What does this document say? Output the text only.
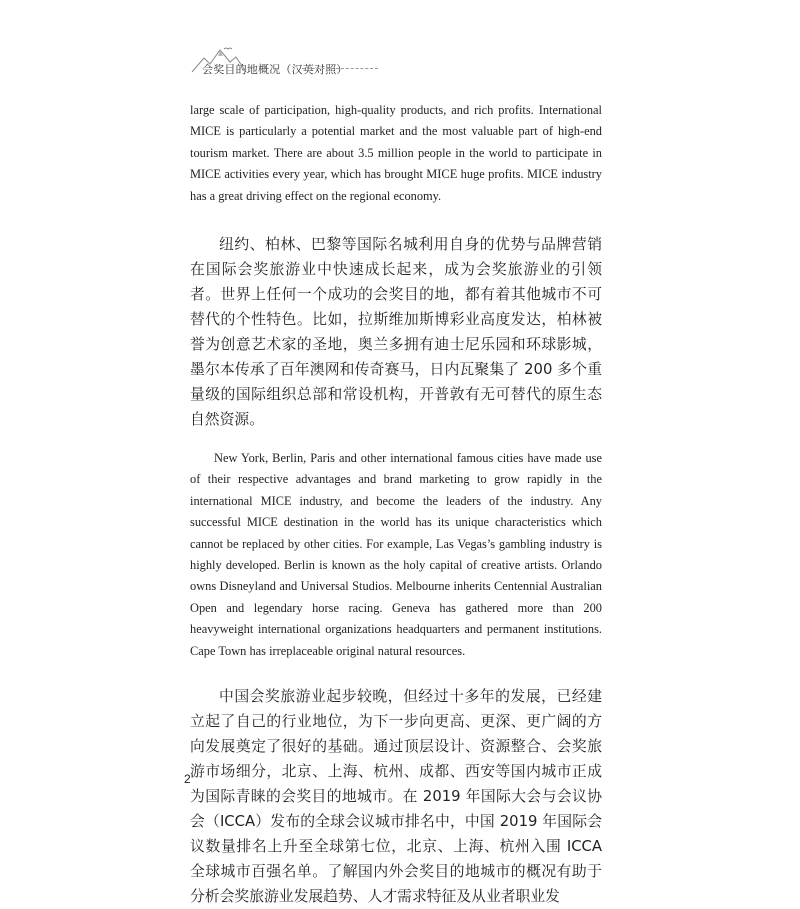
会奖目的地概况（汉英对照）

large scale of participation, high-quality products, and rich profits. International MICE is particularly a potential market and the most valuable part of high-end tourism market. There are about 3.5 million people in the world to participate in MICE activities every year, which has brought MICE huge profits. MICE industry has a great driving effect on the regional economy.

纽约、柏林、巴黎等国际名城利用自身的优势与品牌营销在国际会奖旅游业中快速成长起来，成为会奖旅游业的引领者。世界上任何一个成功的会奖目的地，都有着其他城市不可替代的个性特色。比如，拉斯维加斯博彩业高度发达，柏林被誉为创意艺术家的圣地，奥兰多拥有迪士尼乐园和环球影城，墨尔本传承了百年澳网和传奇赛马，日内瓦聚集了 200 多个重量级的国际组织总部和常设机构，开普敦有无可替代的原生态自然资源。

New York, Berlin, Paris and other international famous cities have made use of their respective advantages and brand marketing to grow rapidly in the international MICE industry, and become the leaders of the industry. Any successful MICE destination in the world has its unique characteristics which cannot be replaced by other cities. For example, Las Vegas’s gambling industry is highly developed. Berlin is known as the holy capital of creative artists. Orlando owns Disneyland and Universal Studios. Melbourne inherits Centennial Australian Open and legendary horse racing. Geneva has gathered more than 200 heavyweight international organizations headquarters and permanent institutions. Cape Town has irreplaceable original natural resources.

中国会奖旅游业起步较晚，但经过十多年的发展，已经建立起了自己的行业地位，为下一步向更高、更深、更广阔的方向发展奠定了很好的基础。通过顶层设计、资源整合、会奖旅游市场细分，北京、上海、杭州、成都、西安等国内城市正成为国际青睐的会奖目的地城市。在 2019 年国际大会与会议协会（ICCA）发布的全球会议城市排名中，中国 2019 年国际会议数量排名上升至全球第七位，北京、上海、杭州入围 ICCA 全球城市百强名单。了解国内外会奖目的地城市的概况有助于分析会奖旅游业发展趋势、人才需求特征及从业者职业发

2
